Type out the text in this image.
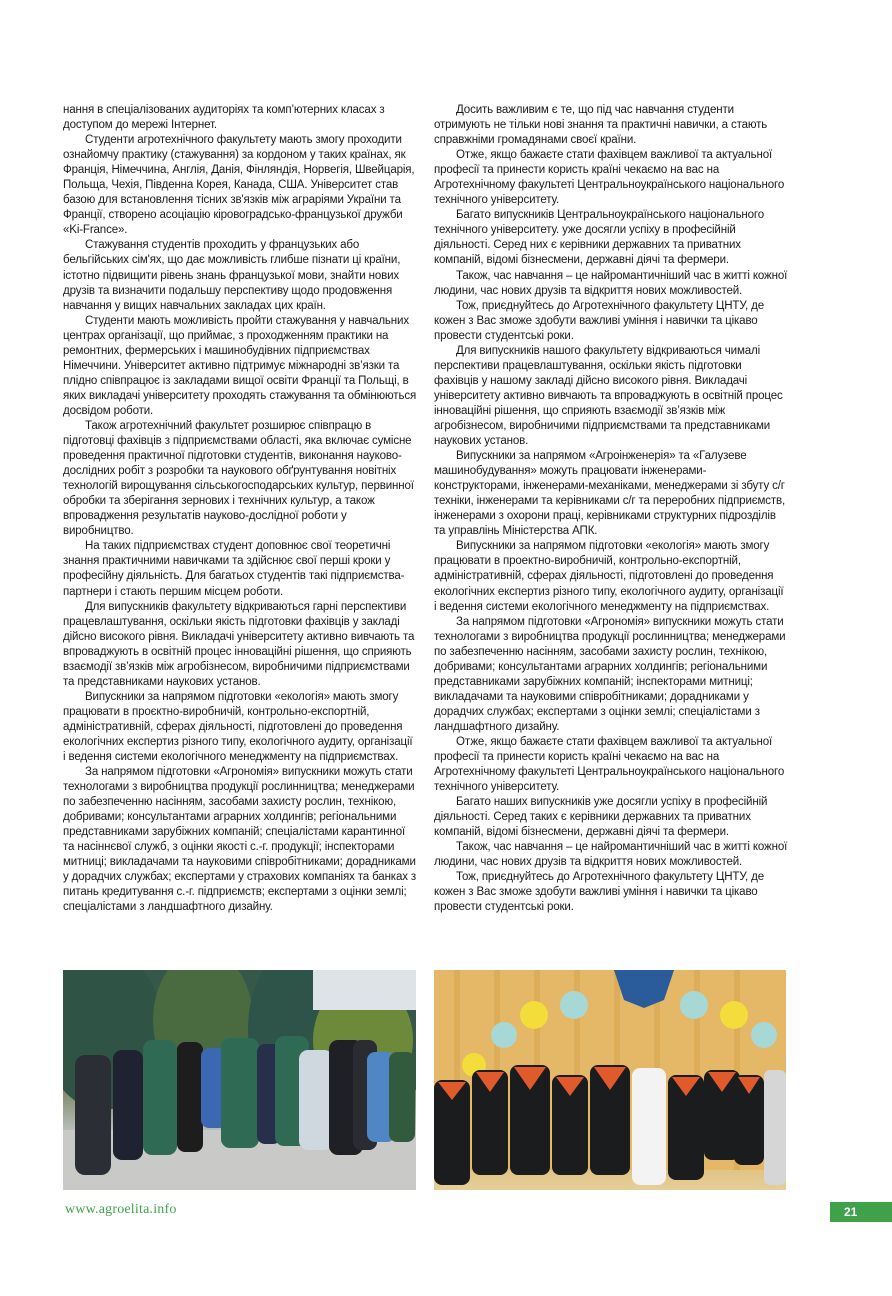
нання в спеціалізованих аудиторіях та комп’ютерних класах з доступом до мережі Інтернет.

Студенти агротехнічного факультету мають змогу проходити ознайомчу практику (стажування) за кордоном у таких країнах, як Франція, Німеччина, Англія, Данія, Фінляндія, Норвегія, Швейцарія, Польща, Чехія, Південна Корея, Канада, США. Університет став базою для встановлення тісних зв'язків між аграріями України та Франції, створено асоціацію кіровоградсько-французької дружби «Ki-France».

Стажування студентів проходить у французьких або бельгійських сім'ях, що дає можливість глибше пізнати ці країни, істотно підвищити рівень знань французької мови, знайти нових друзів та визначити подальшу перспективу щодо продовження навчання у вищих навчальних закладах цих країн.

Студенти мають можливість пройти стажування у навчальних центрах організації, що приймає, з проходженням практики на ремонтних, фермерських і машинобудівних підприємствах Німеччини. Університет активно підтримує міжнародні зв’язки та плідно співпрацює із закладами вищої освіти Франції та Польщі, в яких викладачі університету проходять стажування та обмінюються досвідом роботи.

Також агротехнічний факультет розширює співпрацю в підготовці фахівців з підприємствами області, яка включає сумісне проведення практичної підготовки студентів, виконання науково-дослідних робіт з розробки та наукового обґрунтування новітніх технологій вирощування сільськогосподарських культур, первинної обробки та зберігання зернових і технічних культур, а також впровадження результатів науково-дослідної роботи у виробництво.

На таких підприємствах студент доповнює свої теоретичні знання практичними навичками та здійснює свої перші кроки у професійну діяльність. Для багатьох студентів такі підприємства-партнери і стають першим місцем роботи.

Для випускників факультету відкриваються гарні перспективи працевлаштування, оскільки якість підготовки фахівців у закладі дійсно високого рівня. Викладачі університету активно вивчають та впроваджують в освітній процес інноваційні рішення, що сприяють взаємодії зв’язків між агробізнесом, виробничими підприємствами та представниками наукових установ.

Випускники за напрямом підготовки «екологія» мають змогу працювати в проєктно-виробничій, контрольно-експортній, адміністративній, сферах діяльності, підготовлені до проведення екологічних експертиз різного типу, екологічного аудиту, організації і ведення системи екологічного менеджменту на підприємствах.

За напрямом підготовки «Агрономія» випускники можуть стати технологами з виробництва продукції рослинництва; менеджерами по забезпеченню насінням, засобами захисту рослин, технікою, добривами; консультантами аграрних холдингів; регіональними представниками зарубіжних компаній; спеціалістами карантинної та насіннєвої служб, з оцінки якості с.-г. продукції; інспекторами митниці; викладачами та науковими співробітниками; дорадниками у дорадчих службах; експертами у страхових компаніях та банках з питань кредитування с.-г. підприємств; експертами з оцінки землі; спеціалістами з ландшафтного дизайну.

Досить важливим є те, що під час навчання студенти отримують не тільки нові знання та практичні навички, а стають справжніми громадянами своєї країни.

Отже, якщо бажаєте стати фахівцем важливої та актуальної професії та принести користь країні чекаємо на вас на Агротехнічному факультеті Центральноукраїнського національного технічного університету.

Багато випускників Центральноукраїнського національного технічного університету. уже досягли успіху в професійній діяльності. Серед них є керівники державних та приватних компаній, відомі бізнесмени, державні діячі та фермери.

Також, час навчання – це найромантичніший час в житті кожної людини, час нових друзів та відкриття нових можливостей.

Тож, приєднуйтесь до Агротехнічного факультету ЦНТУ, де кожен з Вас зможе здобути важливі уміння і навички та цікаво провести студентські роки.

Для випускників нашого факультету відкриваються чималі перспективи працевлаштування, оскільки якість підготовки фахівців у нашому закладі дійсно високого рівня. Викладачі університету активно вивчають та впроваджують в освітній процес інноваційні рішення, що сприяють взаємодії зв’язків між агробізнесом, виробничими підприємствами та представниками наукових установ.

Випускники за напрямом «Агроінженерія» та «Галузеве машинобудування» можуть працювати інженерами-конструкторами, інженерами-механіками, менеджерами зі збуту с/г техніки, інженерами та керівниками с/г та переробних підприємств, інженерами з охорони праці, керівниками структурних підрозділів та управлінь Міністерства АПК.

Випускники за напрямом підготовки «екологія» мають змогу працювати в проектно-виробничій, контрольно-експортній, адміністративній, сферах діяльності, підготовлені до проведення екологічних експертиз різного типу, екологічного аудиту, організації і ведення системи екологічного менеджменту на підприємствах.

За напрямом підготовки «Агрономія» випускники можуть стати технологами з виробництва продукції рослинництва; менеджерами по забезпеченню насінням, засобами захисту рослин, технікою, добривами; консультантами аграрних холдингів; регіональними представниками зарубіжних компаній; інспекторами митниці; викладачами та науковими співробітниками; дорадниками у дорадчих службах; експертами з оцінки землі; спеціалістами з ландшафтного дизайну.

Отже, якщо бажаєте стати фахівцем важливої та актуальної професії та принести користь країні чекаємо на вас на Агротехнічному факультеті Центральноукраїнського національного технічного університету.

Багато наших випускників уже досягли успіху в професійній діяльності. Серед таких є керівники державних та приватних компаній, відомі бізнесмени, державні діячі та фермери.

Також, час навчання – це найромантичніший час в житті кожної людини, час нових друзів та відкриття нових можливостей.

Тож, приєднуйтесь до Агротехнічного факультету ЦНТУ, де кожен з Вас зможе здобути важливі уміння і навички та цікаво провести студентські роки.

www.agroelita.info	21
